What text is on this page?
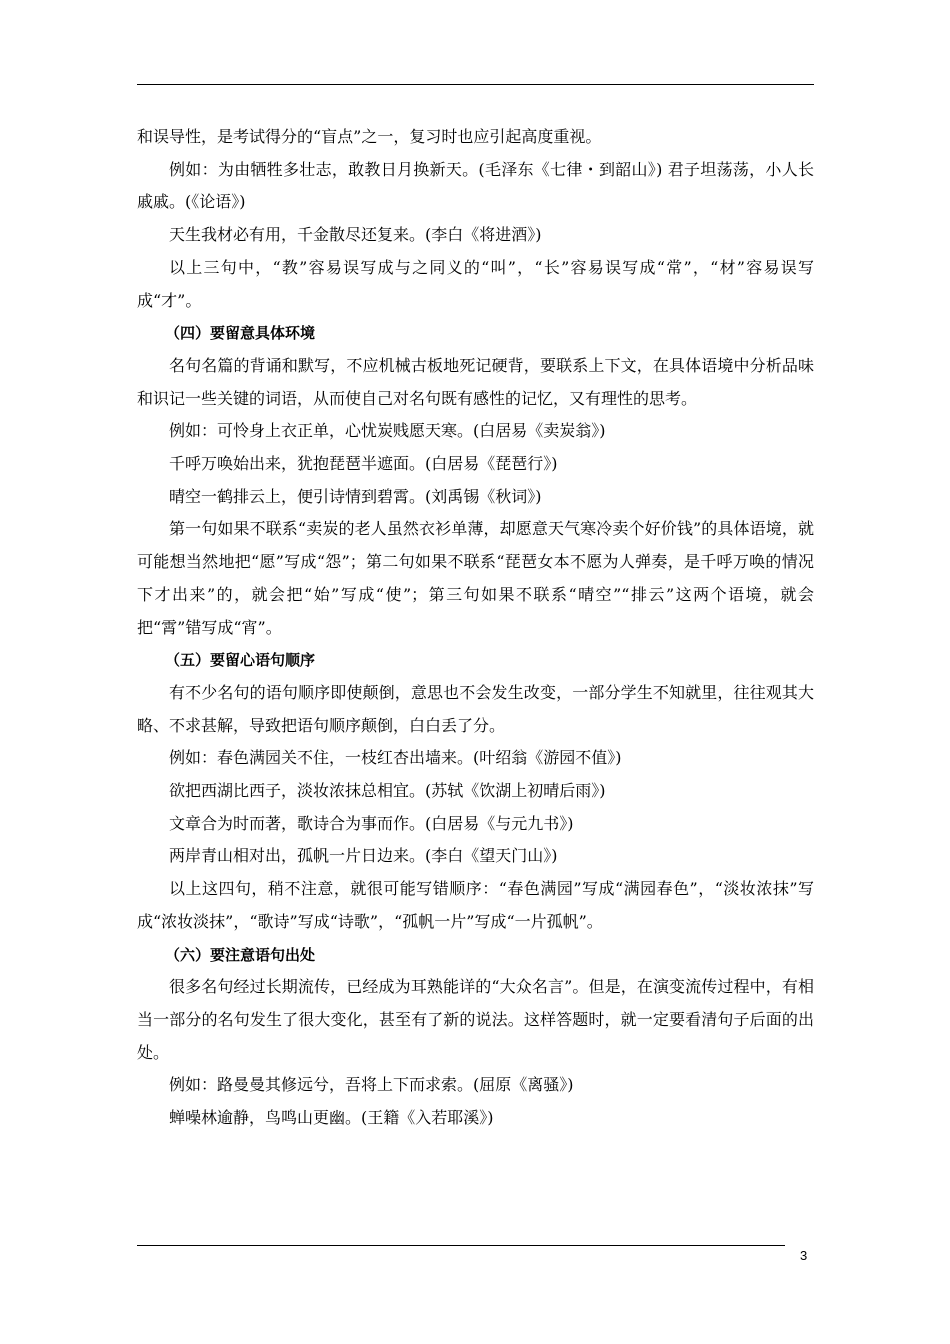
和误导性，是考试得分的“盲点”之一，复习时也应引起高度重视。

例如：为由牺牲多壮志，敢教日月换新天。(毛泽东《七律・到韶山》) 君子坦荡荡，小人长戚戚。(《论语》)

天生我材必有用，千金散尽还复来。(李白《将进酒》)

以上三句中，“教”容易误写成与之同义的“叫”，“长”容易误写成“常”，“材”容易误写成“才”。

（四）要留意具体环境

名句名篇的背诵和默写，不应机械古板地死记硬背，要联系上下文，在具体语境中分析品味和识记一些关键的词语，从而使自己对名句既有感性的记忆，又有理性的思考。

例如：可怜身上衣正单，心忧炭贱愿天寒。(白居易《卖炭翁》)

千呼万唤始出来，犹抱琵琶半遮面。(白居易《琵琶行》)

晴空一鹤排云上，便引诗情到碧霄。(刘禹锡《秋词》)

第一句如果不联系“卖炭的老人虽然衣衫单薄，却愿意天气寒冷卖个好价钱”的具体语境，就可能想当然地把“愿”写成“怨”；第二句如果不联系“琵琶女本不愿为人弹奏，是千呼万唤的情况下才出来”的，就会把“始”写成“使”；第三句如果不联系“晴空”“排云”这两个语境，就会把“霄”错写成“宵”。

（五）要留心语句顺序

有不少名句的语句顺序即使颠倒，意思也不会发生改变，一部分学生不知就里，往往观其大略、不求甚解，导致把语句顺序颠倒，白白丢了分。

例如：春色满园关不住，一枝红杏出墙来。(叶绍翁《游园不值》)

欲把西湖比西子，淡妆浓抹总相宜。(苏轼《饮湖上初晴后雨》)

文章合为时而著，歌诗合为事而作。(白居易《与元九书》)

两岸青山相对出，孤帆一片日边来。(李白《望天门山》)

以上这四句，稍不注意，就很可能写错顺序：“春色满园”写成“满园春色”，“淡妆浓抹”写成“浓妆淡抹”，“歌诗”写成“诗歌”，“孤帆一片”写成“一片孤帆”。

（六）要注意语句出处

很多名句经过长期流传，已经成为耳熟能详的“大众名言”。但是，在演变流传过程中，有相当一部分的名句发生了很大变化，甚至有了新的说法。这样答题时，就一定要看清句子后面的出处。

例如：路曼曼其修远兮，吾将上下而求索。(屈原《离骚》)

蝉噪林逾静，鸟鸣山更幽。(王籍《入若耶溪》)

3
